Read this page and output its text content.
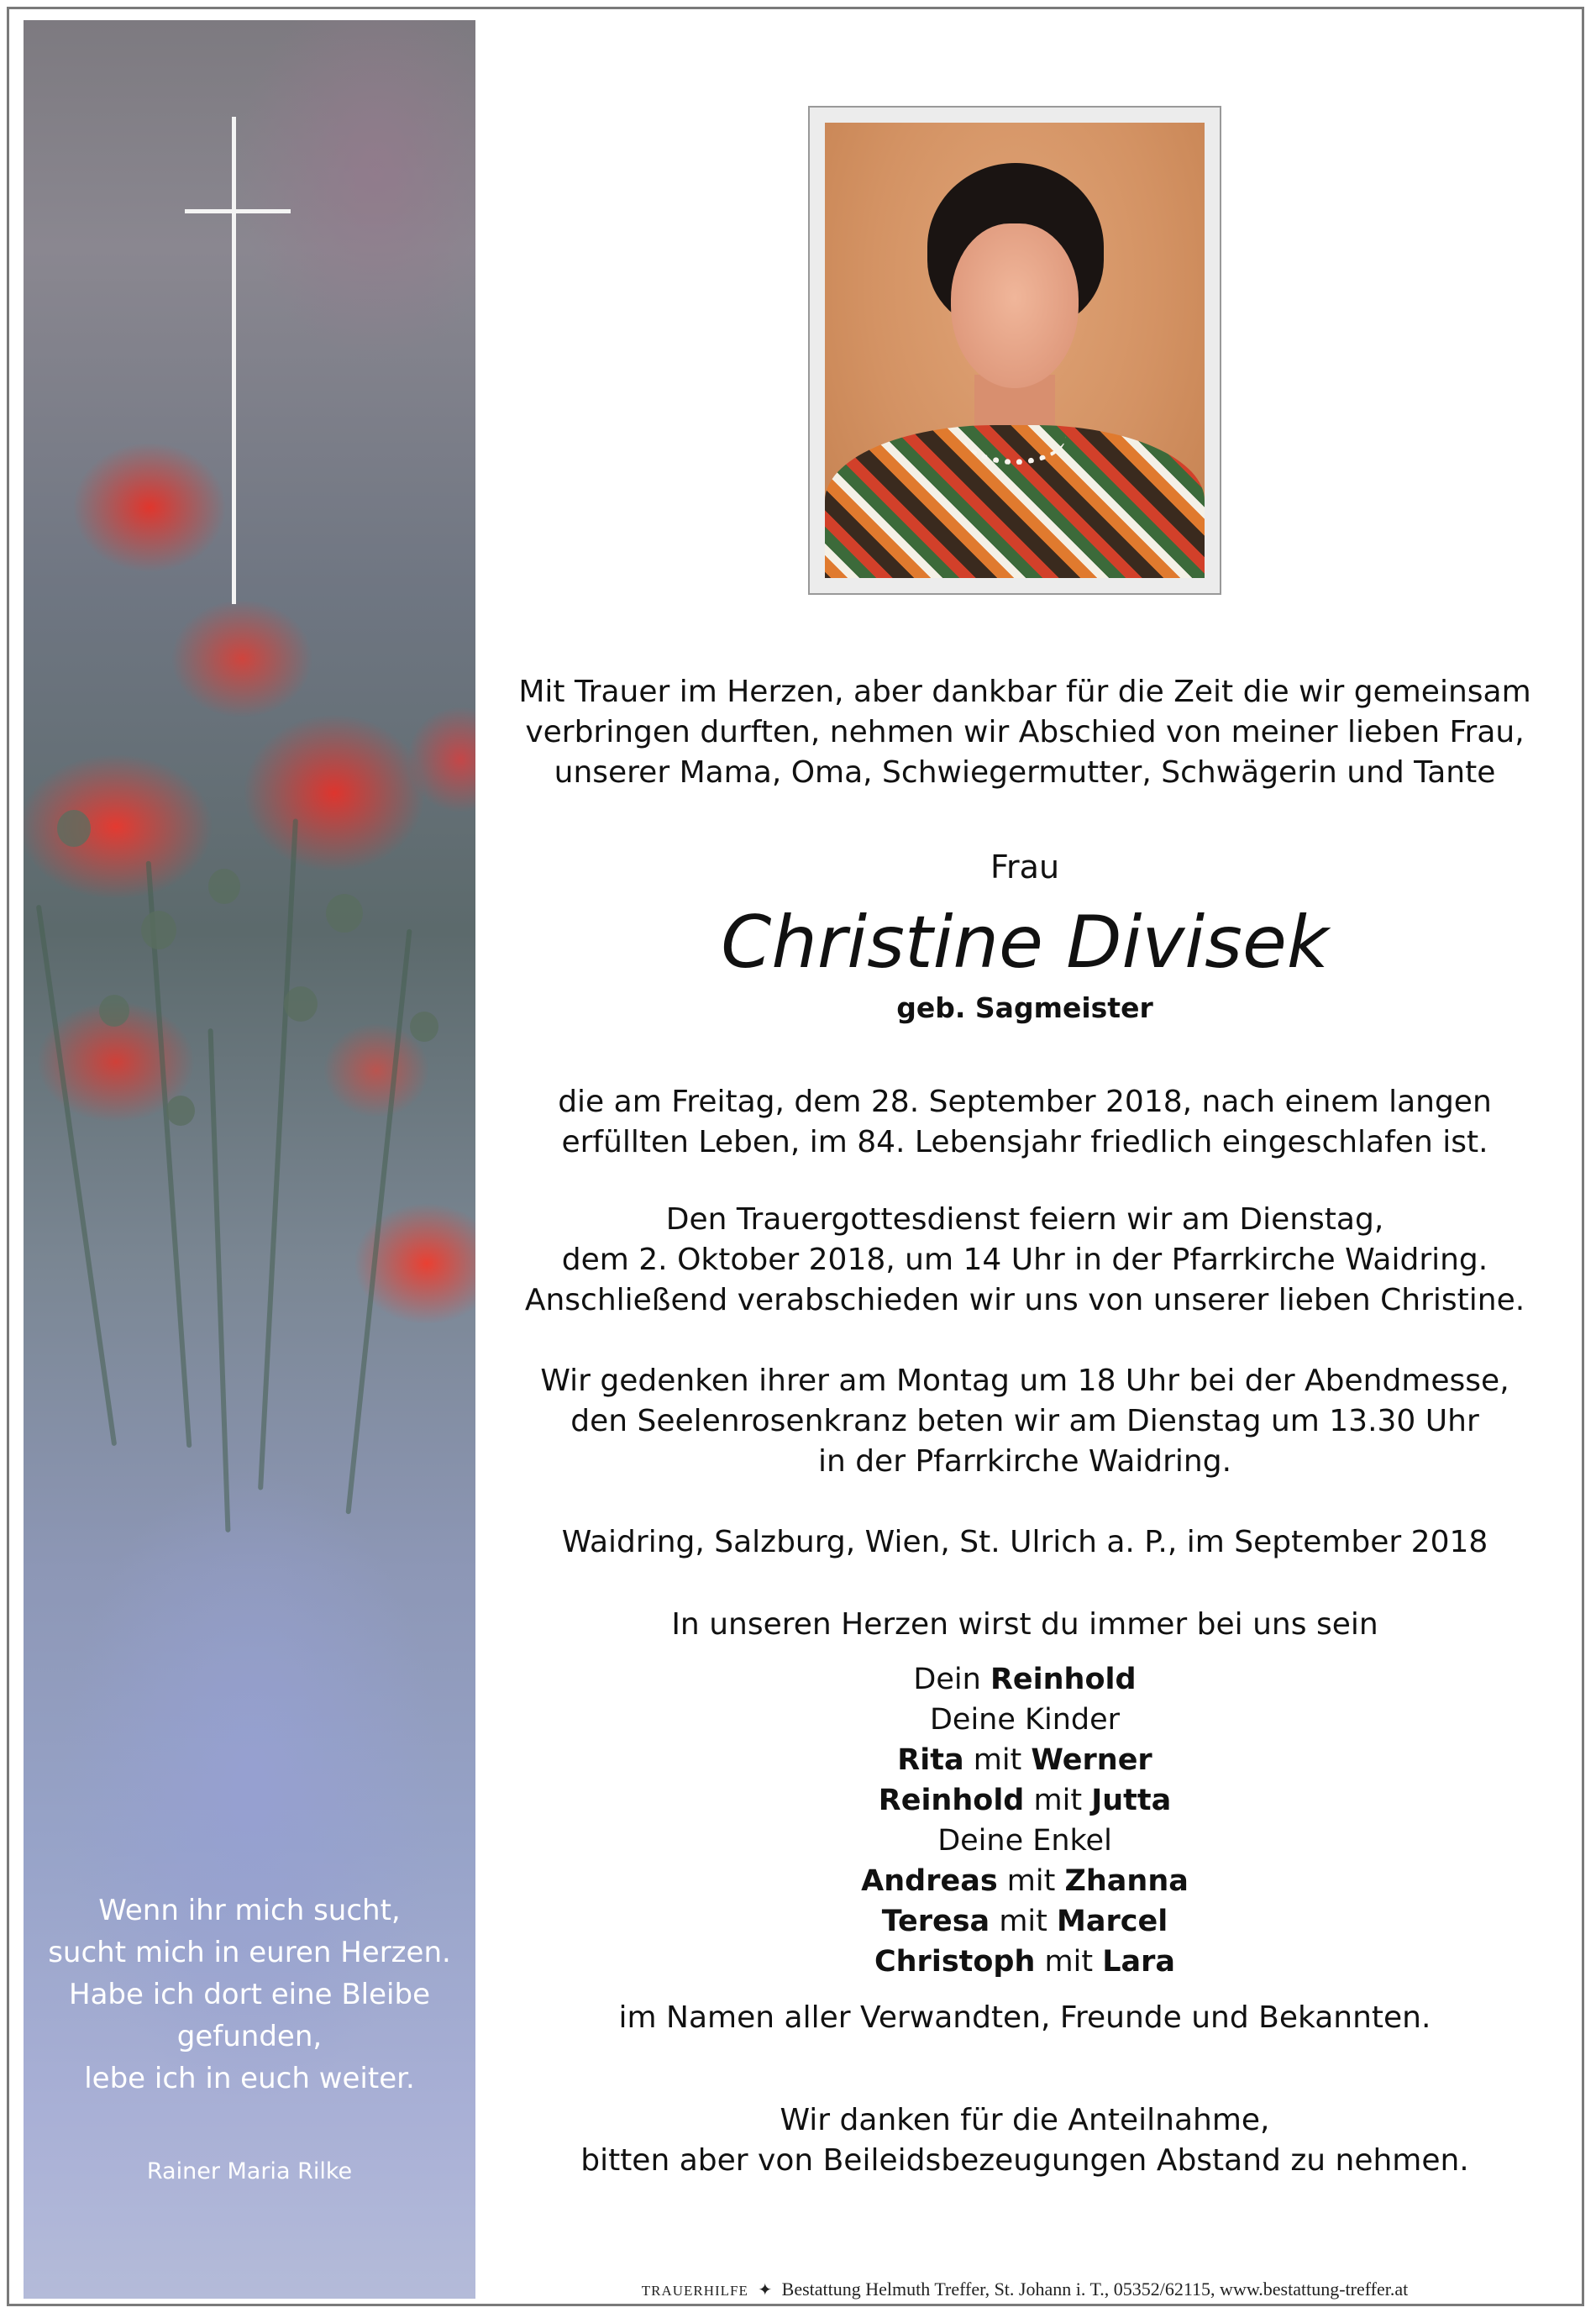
Wenn ihr mich sucht,
sucht mich in euren Herzen.
Habe ich dort eine Bleibe
gefunden,
lebe ich in euch weiter.
Rainer Maria Rilke
Mit Trauer im Herzen, aber dankbar für die Zeit die wir gemeinsam
verbringen durften, nehmen wir Abschied von meiner lieben Frau,
unserer Mama, Oma, Schwiegermutter, Schwägerin und Tante
Frau
Christine Divisek
geb. Sagmeister
die am Freitag, dem 28. September 2018, nach einem langen
erfüllten Leben, im 84. Lebensjahr friedlich eingeschlafen ist.
Den Trauergottesdienst feiern wir am Dienstag,
dem 2. Oktober 2018, um 14 Uhr in der Pfarrkirche Waidring.
Anschließend verabschieden wir uns von unserer lieben Christine.
Wir gedenken ihrer am Montag um 18 Uhr bei der Abendmesse,
den Seelenrosenkranz beten wir am Dienstag um 13.30 Uhr
in der Pfarrkirche Waidring.
Waidring, Salzburg, Wien, St. Ulrich a. P., im September 2018
In unseren Herzen wirst du immer bei uns sein
Dein Reinhold
Deine Kinder
Rita mit Werner
Reinhold mit Jutta
Deine Enkel
Andreas mit Zhanna
Teresa mit Marcel
Christoph mit Lara
im Namen aller Verwandten, Freunde und Bekannten.
Wir danken für die Anteilnahme,
bitten aber von Beileidsbezeugungen Abstand zu nehmen.
TRAUERHILFE ✦ Bestattung Helmuth Treffer, St. Johann i. T., 05352/62115, www.bestattung-treffer.at
